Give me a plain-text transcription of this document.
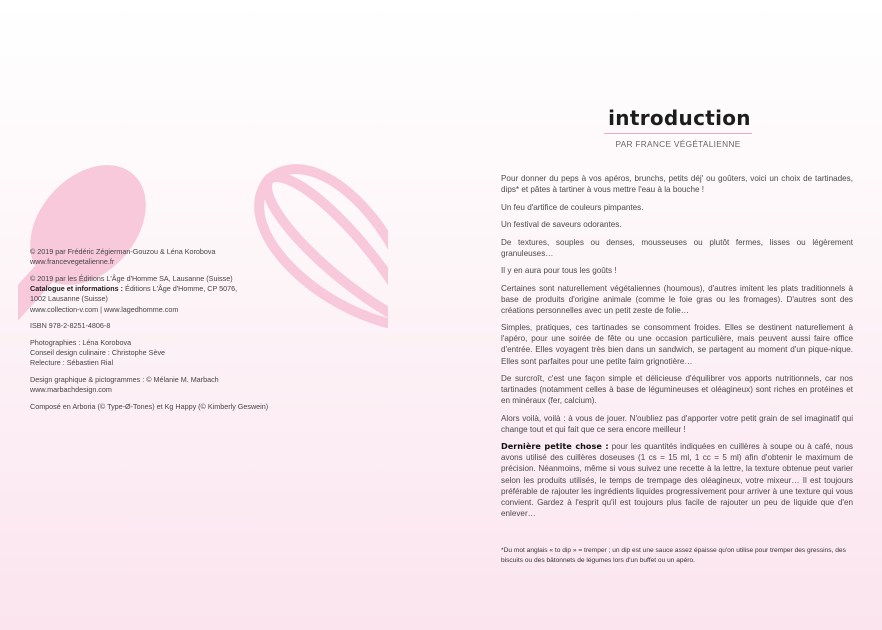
© 2019 par Frédéric Zégierman-Gouzou & Léna Korobova
www.francevegetalienne.fr

© 2019 par les Éditions L'Âge d'Homme SA, Lausanne (Suisse)
Catalogue et informations : Éditions L'Âge d'Homme, CP 5076,
1002 Lausanne (Suisse)
www.collection-v.com | www.lagedhomme.com

ISBN 978-2-8251-4806-8

Photographies : Léna Korobova
Conseil design culinaire : Christophe Sève
Relecture : Sébastien Rial

Design graphique & pictogrammes : © Mélanie M. Marbach
www.marbachdesign.com

Composé en Arboria (© Type-Ø-Tones) et Kg Happy (© Kimberly Geswein)

introduction
PAR FRANCE VÉGÉTALIENNE

Pour donner du peps à vos apéros, brunchs, petits déj' ou goûters, voici un choix de tartinades, dips* et pâtes à tartiner à vous mettre l'eau à la bouche !

Un feu d'artifice de couleurs pimpantes.

Un festival de saveurs odorantes.

De textures, souples ou denses, mousseuses ou plutôt fermes, lisses ou légèrement granuleuses…

Il y en aura pour tous les goûts !

Certaines sont naturellement végétaliennes (houmous), d'autres imitent les plats traditionnels à base de produits d'origine animale (comme le foie gras ou les fromages). D'autres sont des créations personnelles avec un petit zeste de folie…

Simples, pratiques, ces tartinades se consomment froides. Elles se destinent naturellement à l'apéro, pour une soirée de fête ou une occasion particulière, mais peuvent aussi faire office d'entrée. Elles voyagent très bien dans un sandwich, se partagent au moment d'un pique-nique. Elles sont parfaites pour une petite faim grignotière…

De surcroît, c'est une façon simple et délicieuse d'équilibrer vos apports nutritionnels, car nos tartinades (notamment celles à base de légumineuses et oléagineux) sont riches en protéines et en minéraux (fer, calcium).

Alors voilà, voilà : à vous de jouer. N'oubliez pas d'apporter votre petit grain de sel imaginatif qui change tout et qui fait que ce sera encore meilleur !

Dernière petite chose : pour les quantités indiquées en cuillères à soupe ou à café, nous avons utilisé des cuillères doseuses (1 cs = 15 ml, 1 cc = 5 ml) afin d'obtenir le maximum de précision. Néanmoins, même si vous suivez une recette à la lettre, la texture obtenue peut varier selon les produits utilisés, le temps de trempage des oléagineux, votre mixeur… Il est toujours préférable de rajouter les ingrédients liquides progressivement pour arriver à une texture qui vous convient. Gardez à l'esprit qu'il est toujours plus facile de rajouter un peu de liquide que d'en enlever…

*Du mot anglais « to dip » = tremper ; un dip est une sauce assez épaisse qu'on utilise pour tremper des gressins, des biscuits ou des bâtonnets de légumes lors d'un buffet ou un apéro.
